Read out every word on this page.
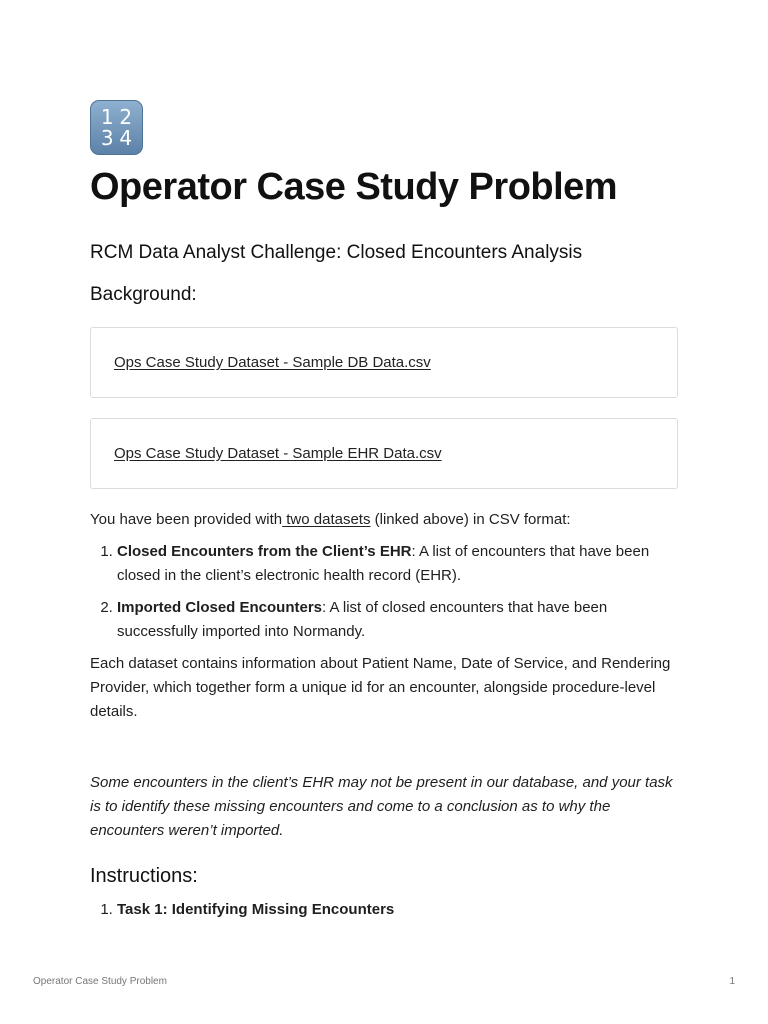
1 2
3 4
Operator Case Study Problem
RCM Data Analyst Challenge: Closed Encounters Analysis
Background:
Ops Case Study Dataset - Sample DB Data.csv
Ops Case Study Dataset - Sample EHR Data.csv

You have been provided with two datasets (linked above) in CSV format:

1. Closed Encounters from the Client’s EHR: A list of encounters that have been closed in the client’s electronic health record (EHR).
2. Imported Closed Encounters: A list of closed encounters that have been successfully imported into Normandy.

Each dataset contains information about Patient Name, Date of Service, and Rendering Provider, which together form a unique id for an encounter, alongside procedure-level details.

Some encounters in the client’s EHR may not be present in our database, and your task is to identify these missing encounters and come to a conclusion as to why the encounters weren’t imported.

Instructions:
1. Task 1: Identifying Missing Encounters
Operator Case Study Problem	1
